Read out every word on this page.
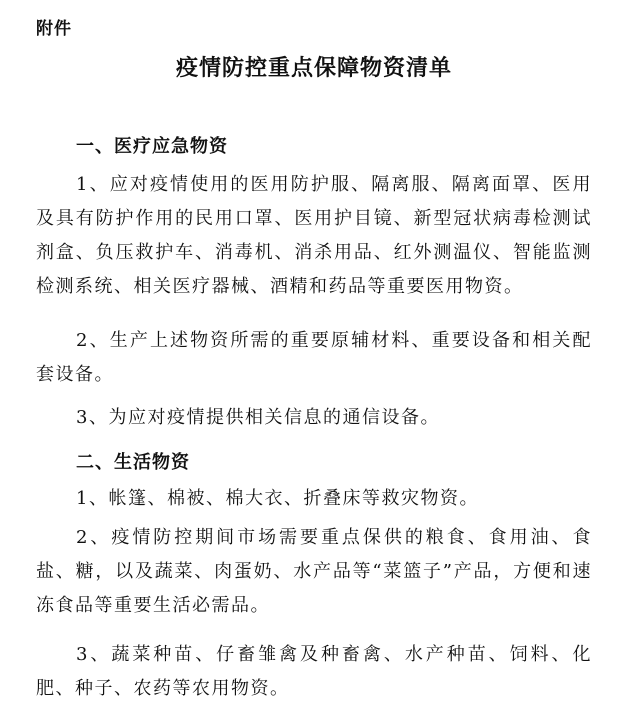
附件
疫情防控重点保障物资清单
一、医疗应急物资
1、应对疫情使用的医用防护服、隔离服、隔离面罩、医用及具有防护作用的民用口罩、医用护目镜、新型冠状病毒检测试剂盒、负压救护车、消毒机、消杀用品、红外测温仪、智能监测检测系统、相关医疗器械、酒精和药品等重要医用物资。
2、生产上述物资所需的重要原辅材料、重要设备和相关配套设备。
3、为应对疫情提供相关信息的通信设备。
二、生活物资
1、帐篷、棉被、棉大衣、折叠床等救灾物资。
2、疫情防控期间市场需要重点保供的粮食、食用油、食盐、糖，以及蔬菜、肉蛋奶、水产品等“菜篮子”产品，方便和速冻食品等重要生活必需品。
3、蔬菜种苗、仔畜雏禽及种畜禽、水产种苗、饲料、化肥、种子、农药等农用物资。
